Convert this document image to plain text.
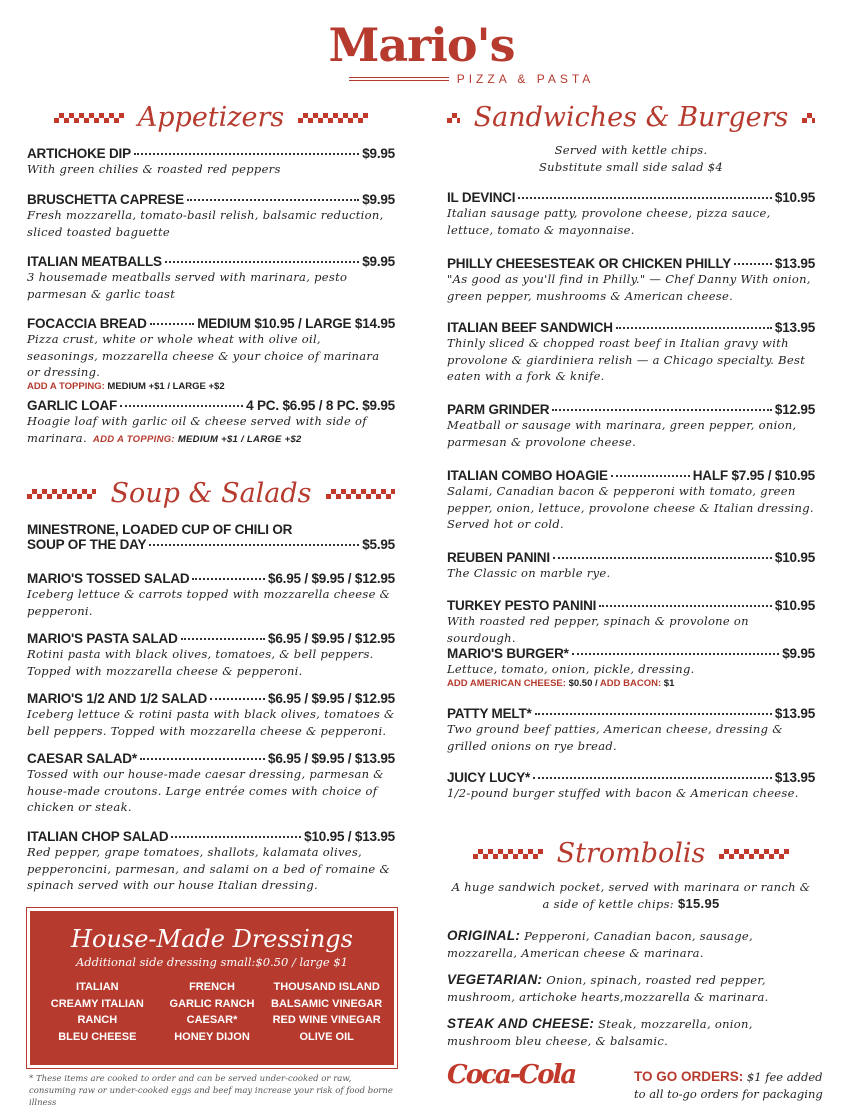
Mario's
PIZZA & PASTA
Appetizers	Sandwiches & Burgers
Served with kettle chips.
Substitute small side salad $4
Soup & Salads
Strombolis
A huge sandwich pocket, served with marinara or ranch & a side of kettle chips: $15.95
ARTICHOKE DIP	$9.95
With green chilies & roasted red peppers
BRUSCHETTA CAPRESE	$9.95
Fresh mozzarella, tomato-basil relish, balsamic reduction, sliced toasted baguette
ITALIAN MEATBALLS	$9.95
3 housemade meatballs served with marinara, pesto parmesan & garlic toast
FOCACCIA BREAD	MEDIUM $10.95 / LARGE $14.95
Pizza crust, white or whole wheat with olive oil, seasonings, mozzarella cheese & your choice of marinara or dressing.
ADD A TOPPING: MEDIUM +$1 / LARGE +$2
GARLIC LOAF	4 PC. $6.95 / 8 PC. $9.95
Hoagie loaf with garlic oil & cheese served with side of marinara. ADD A TOPPING: MEDIUM +$1 / LARGE +$2
MINESTRONE, LOADED CUP OF CHILI OR
SOUP OF THE DAY	$5.95
MARIO'S TOSSED SALAD	$6.95 / $9.95 / $12.95
Iceberg lettuce & carrots topped with mozzarella cheese & pepperoni.
MARIO'S PASTA SALAD	$6.95 / $9.95 / $12.95
Rotini pasta with black olives, tomatoes, & bell peppers. Topped with mozzarella cheese & pepperoni.
MARIO'S 1/2 AND 1/2 SALAD	$6.95 / $9.95 / $12.95
Iceberg lettuce & rotini pasta with black olives, tomatoes & bell peppers. Topped with mozzarella cheese & pepperoni.
CAESAR SALAD*	$6.95 / $9.95 / $13.95
Tossed with our house-made caesar dressing, parmesan & house-made croutons. Large entrée comes with choice of chicken or steak.
ITALIAN CHOP SALAD	$10.95 / $13.95
Red pepper, grape tomatoes, shallots, kalamata olives, pepperoncini, parmesan, and salami on a bed of romaine & spinach served with our house Italian dressing.
IL DEVINCI	$10.95
Italian sausage patty, provolone cheese, pizza sauce, lettuce, tomato & mayonnaise.
PHILLY CHEESESTEAK OR CHICKEN PHILLY	$13.95
"As good as you'll find in Philly." — Chef Danny With onion, green pepper, mushrooms & American cheese.
ITALIAN BEEF SANDWICH	$13.95
Thinly sliced & chopped roast beef in Italian gravy with provolone & giardiniera relish — a Chicago specialty. Best eaten with a fork & knife.
PARM GRINDER	$12.95
Meatball or sausage with marinara, green pepper, onion, parmesan & provolone cheese.
ITALIAN COMBO HOAGIE	HALF $7.95 / $10.95
Salami, Canadian bacon & pepperoni with tomato, green pepper, onion, lettuce, provolone cheese & Italian dressing. Served hot or cold.
REUBEN PANINI	$10.95
The Classic on marble rye.
TURKEY PESTO PANINI	$10.95
With roasted red pepper, spinach & provolone on sourdough.
MARIO'S BURGER*	$9.95
Lettuce, tomato, onion, pickle, dressing.
ADD AMERICAN CHEESE: $0.50 / ADD BACON: $1
PATTY MELT*	$13.95
Two ground beef patties, American cheese, dressing & grilled onions on rye bread.
JUICY LUCY*	$13.95
1/2-pound burger stuffed with bacon & American cheese.
ORIGINAL: Pepperoni, Canadian bacon, sausage, mozzarella, American cheese & marinara.
VEGETARIAN: Onion, spinach, roasted red pepper, mushroom, artichoke hearts,mozzarella & marinara.
STEAK AND CHEESE: Steak, mozzarella, onion, mushroom bleu cheese, & balsamic.
House-Made Dressings
Additional side dressing small:$0.50 / large $1
ITALIAN	FRENCH	THOUSAND ISLAND
CREAMY ITALIAN	GARLIC RANCH	BALSAMIC VINEGAR
RANCH	CAESAR*	RED WINE VINEGAR
BLEU CHEESE	HONEY DIJON	OLIVE OIL
* These items are cooked to order and can be served under-cooked or raw, consuming raw or under-cooked eggs and beef may increase your risk of food borne illness
Coca-Cola	TO GO ORDERS: $1 fee added to all to-go orders for packaging
